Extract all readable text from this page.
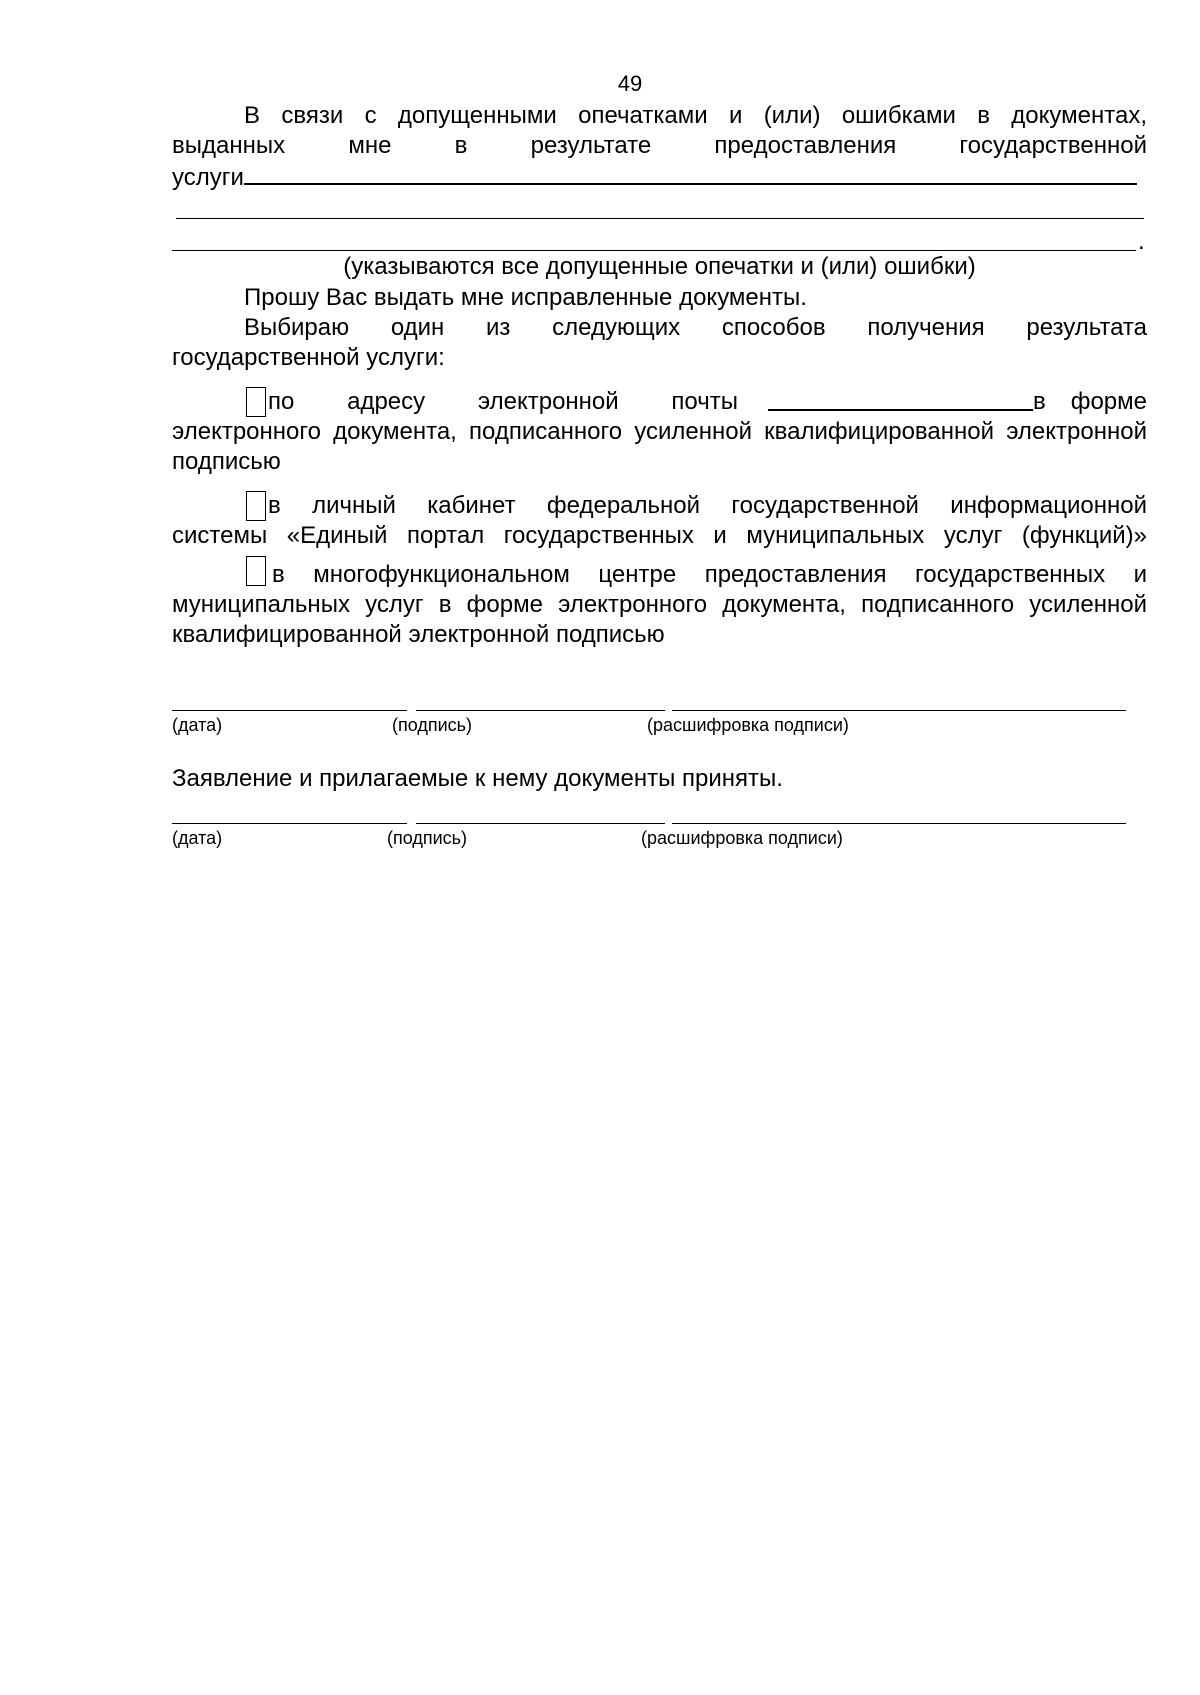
49
В связи с допущенными опечатками и (или) ошибками в документах,
выданных мне в результате предоставления государственной
услуги
.
(указываются все допущенные опечатки и (или) ошибки)
Прошу Вас выдать мне исправленные документы.
Выбираю один из следующих способов получения результата
государственной услуги:
по адресу электронной почты	в форме
электронного документа, подписанного усиленной квалифицированной электронной подписью
в личный кабинет федеральной государственной информационной
системы «Единый портал государственных и муниципальных услуг (функций)»
в многофункциональном центре предоставления государственных и муниципальных услуг в форме электронного документа, подписанного усиленной квалифицированной электронной подписью
(дата)	(подпись)	(расшифровка подписи)
Заявление и прилагаемые к нему документы приняты.
(дата)	(подпись)	(расшифровка подписи)
